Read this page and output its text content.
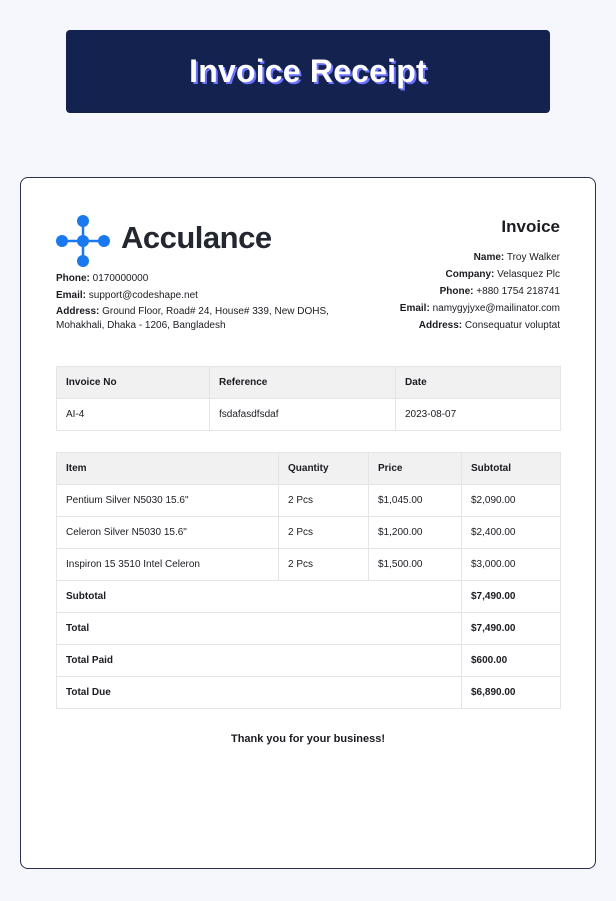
Invoice Receipt
Acculance
Phone: 0170000000
Email: support@codeshape.net
Address: Ground Floor, Road# 24, House# 339, New DOHS, Mohakhali, Dhaka - 1206, Bangladesh
Invoice
Name: Troy Walker
Company: Velasquez Plc
Phone: +880 1754 218741
Email: namygyjyxe@mailinator.com
Address: Consequatur voluptat
Invoice No	Reference	Date
AI-4	fsdafasdfsdaf	2023-08-07
Item	Quantity	Price	Subtotal
Pentium Silver N5030 15.6"	2 Pcs	$1,045.00	$2,090.00
Celeron Silver N5030 15.6"	2 Pcs	$1,200.00	$2,400.00
Inspiron 15 3510 Intel Celeron	2 Pcs	$1,500.00	$3,000.00
Subtotal			$7,490.00
Total			$7,490.00
Total Paid			$600.00
Total Due			$6,890.00
Thank you for your business!
